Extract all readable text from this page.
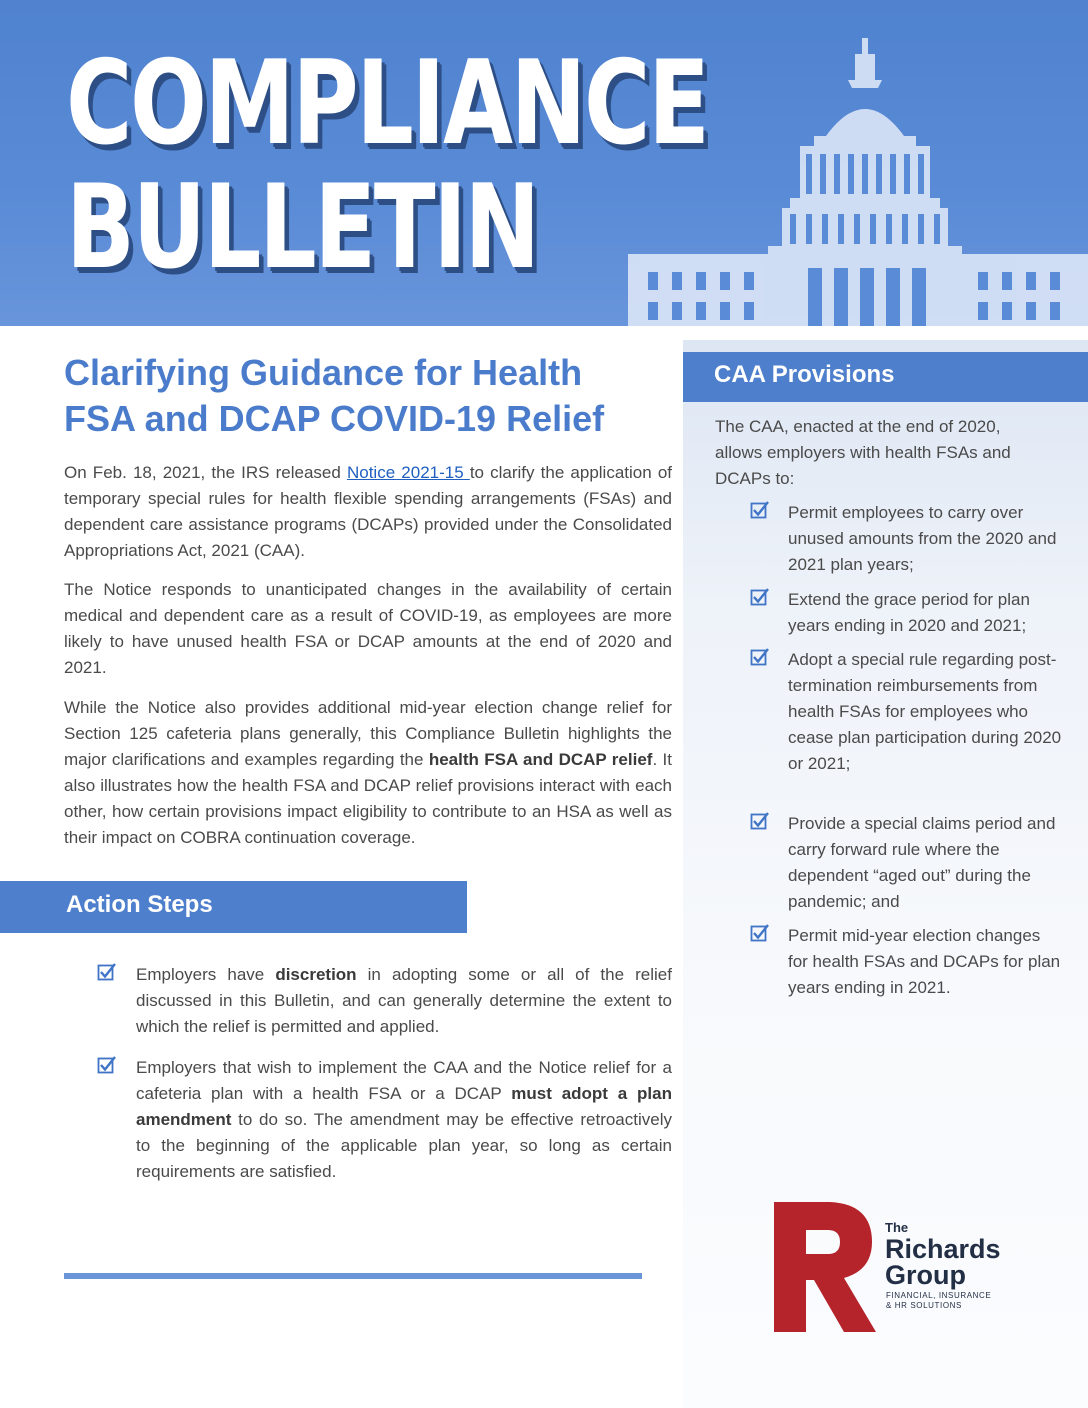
COMPLIANCE
BULLETIN
CAA Provisions
The CAA, enacted at the end of 2020, allows employers with health FSAs and DCAPs to:
Permit employees to carry over unused amounts from the 2020 and 2021 plan years;
Extend the grace period for plan years ending in 2020 and 2021;
Adopt a special rule regarding post-termination reimbursements from health FSAs for employees who cease plan participation during 2020 or 2021;
Provide a special claims period and carry forward rule where the dependent “aged out” during the pandemic; and
Permit mid-year election changes for health FSAs and DCAPs for plan years ending in 2021.
Clarifying Guidance for Health
FSA and DCAP COVID-19 Relief
On Feb. 18, 2021, the IRS released Notice 2021-15 to clarify the application of temporary special rules for health flexible spending arrangements (FSAs) and dependent care assistance programs (DCAPs) provided under the Consolidated Appropriations Act, 2021 (CAA).
The Notice responds to unanticipated changes in the availability of certain medical and dependent care as a result of COVID-19, as employees are more likely to have unused health FSA or DCAP amounts at the end of 2020 and 2021.
While the Notice also provides additional mid-year election change relief for Section 125 cafeteria plans generally, this Compliance Bulletin highlights the major clarifications and examples regarding the health FSA and DCAP relief. It also illustrates how the health FSA and DCAP relief provisions interact with each other, how certain provisions impact eligibility to contribute to an HSA as well as their impact on COBRA continuation coverage.
Action Steps
Employers have discretion in adopting some or all of the relief discussed in this Bulletin, and can generally determine the extent to which the relief is permitted and applied.
Employers that wish to implement the CAA and the Notice relief for a cafeteria plan with a health FSA or a DCAP must adopt a plan amendment to do so. The amendment may be effective retroactively to the beginning of the applicable plan year, so long as certain requirements are satisfied.
The
Richards
Group
FINANCIAL, INSURANCE
& HR SOLUTIONS
